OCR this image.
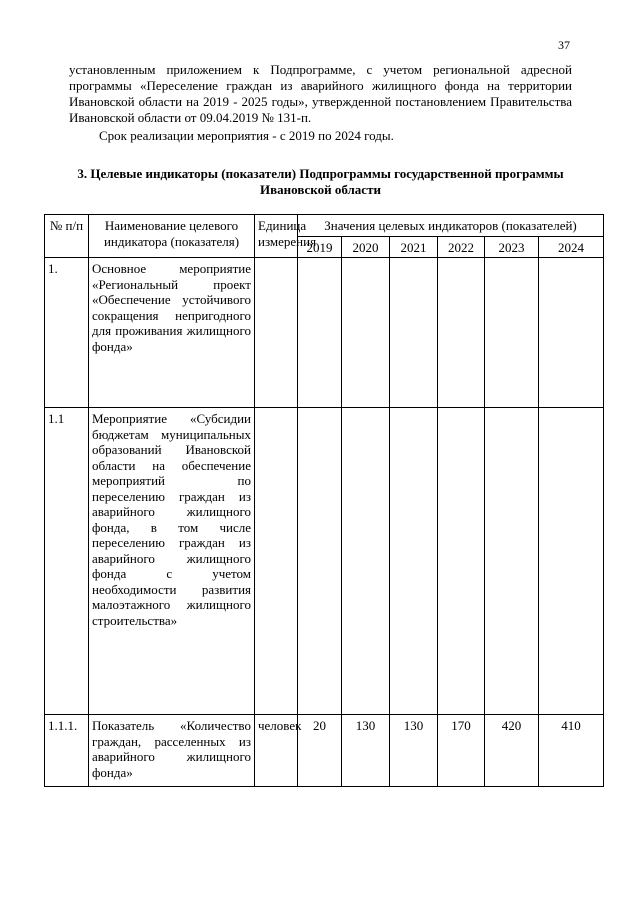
37

установленным приложением к Подпрограмме, с учетом региональной адресной программы «Переселение граждан из аварийного жилищного фонда на территории Ивановской области на 2019 - 2025 годы», утвержденной постановлением Правительства Ивановской области от 09.04.2019 № 131-п.

Срок реализации мероприятия - с 2019 по 2024 годы.

3. Целевые индикаторы (показатели) Подпрограммы государственной программы Ивановской области
№ п/п	Наименование целевого индикатора (показателя)	Единица измерения	Значения целевых индикаторов (показателей)					
			2019	2020	2021	2022	2023	2024
1.	Основное мероприятие «Региональный проект «Обеспечение устойчивого сокращения непригодного для проживания жилищного фонда»							
1.1	Мероприятие «Субсидии бюджетам муниципальных образований Ивановской области на обеспечение мероприятий по переселению граждан из аварийного жилищного фонда, в том числе переселению граждан из аварийного жилищного фонда с учетом необходимости развития малоэтажного жилищного строительства»							
1.1.1.	Показатель «Количество граждан, расселенных из аварийного жилищного фонда»	человек	20	130	130	170	420	410
